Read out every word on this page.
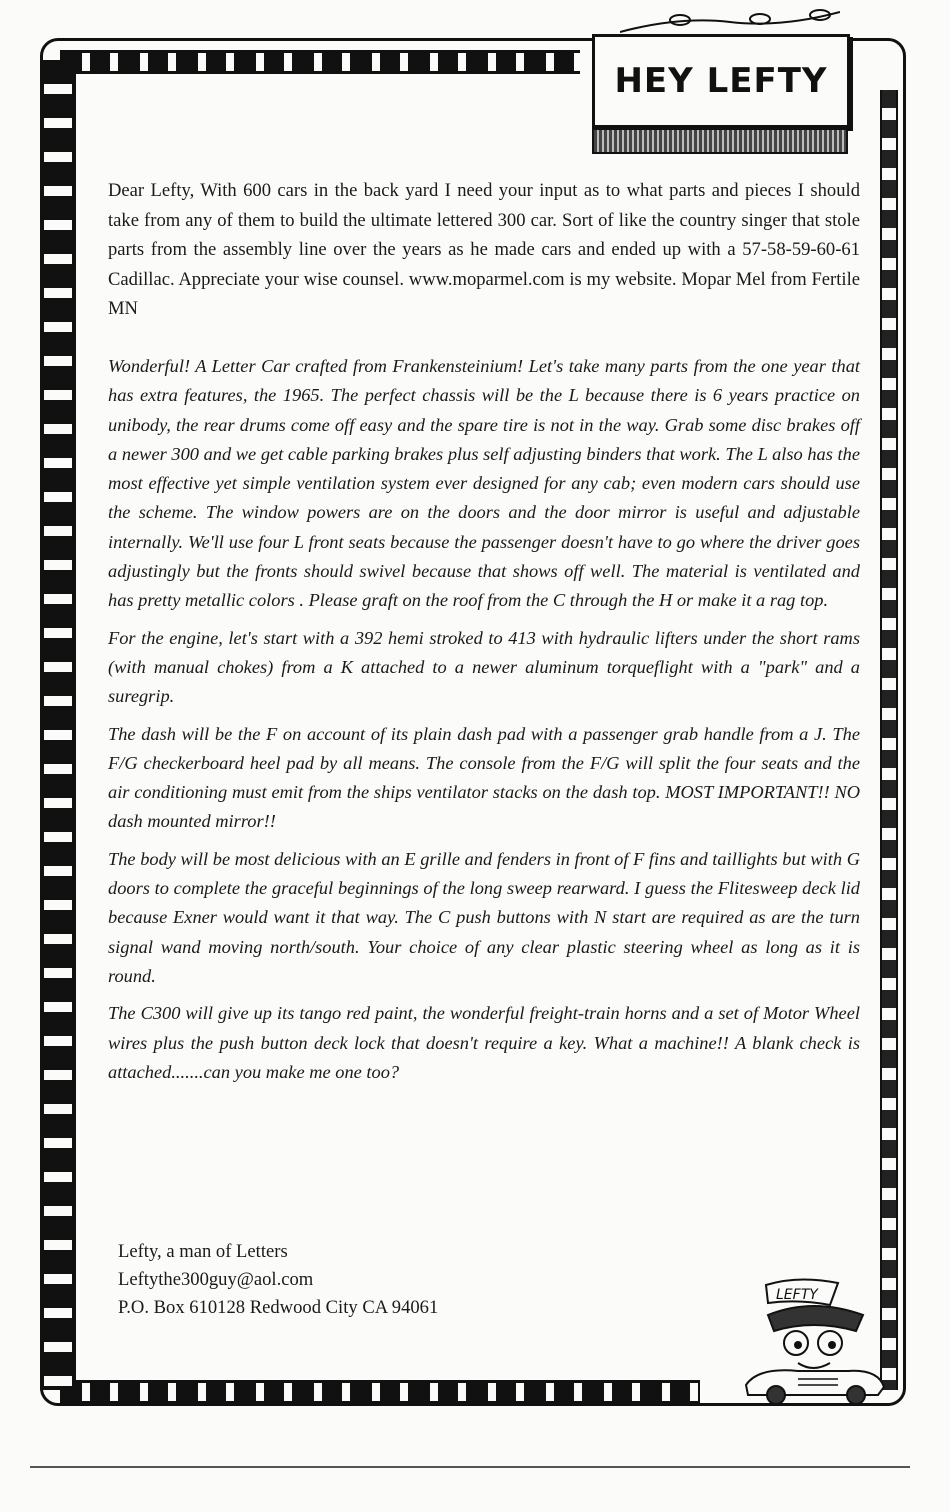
HEY LEFTY
Dear Lefty, With 600 cars in the back yard I need your input as to what parts and pieces I should take from any of them to build the ultimate lettered 300 car. Sort of like the country singer that stole parts from the assembly line over the years as he made cars and ended up with a 57-58-59-60-61 Cadillac. Appreciate your wise counsel. www.moparmel.com is my website. Mopar Mel from Fertile MN

Wonderful! A Letter Car crafted from Frankensteinium! Let's take many parts from the one year that has extra features, the 1965. The perfect chassis will be the L because there is 6 years practice on unibody, the rear drums come off easy and the spare tire is not in the way. Grab some disc brakes off a newer 300 and we get cable parking brakes plus self adjusting binders that work. The L also has the most effective yet simple ventilation system ever designed for any cab; even modern cars should use the scheme. The window powers are on the doors and the door mirror is useful and adjustable internally. We'll use four L front seats because the passenger doesn't have to go where the driver goes adjustingly but the fronts should swivel because that shows off well. The material is ventilated and has pretty metallic colors . Please graft on the roof from the C through the H or make it a rag top.

For the engine, let's start with a 392 hemi stroked to 413 with hydraulic lifters under the short rams (with manual chokes) from a K attached to a newer aluminum torqueflight with a "park" and a suregrip.

The dash will be the F on account of its plain dash pad with a passenger grab handle from a J. The F/G checkerboard heel pad by all means. The console from the F/G will split the four seats and the air conditioning must emit from the ships ventilator stacks on the dash top. MOST IMPORTANT!! NO dash mounted mirror!!

The body will be most delicious with an E grille and fenders in front of F fins and taillights but with G doors to complete the graceful beginnings of the long sweep rearward. I guess the Flitesweep deck lid because Exner would want it that way. The C push buttons with N start are required as are the turn signal wand moving north/south. Your choice of any clear plastic steering wheel as long as it is round.

The C300 will give up its tango red paint, the wonderful freight-train horns and a set of Motor Wheel wires plus the push button deck lock that doesn't require a key. What a machine!! A blank check is attached.......can you make me one too?

Lefty, a man of Letters
Leftythe300guy@aol.com
P.O. Box 610128 Redwood City CA 94061
LEFTY
